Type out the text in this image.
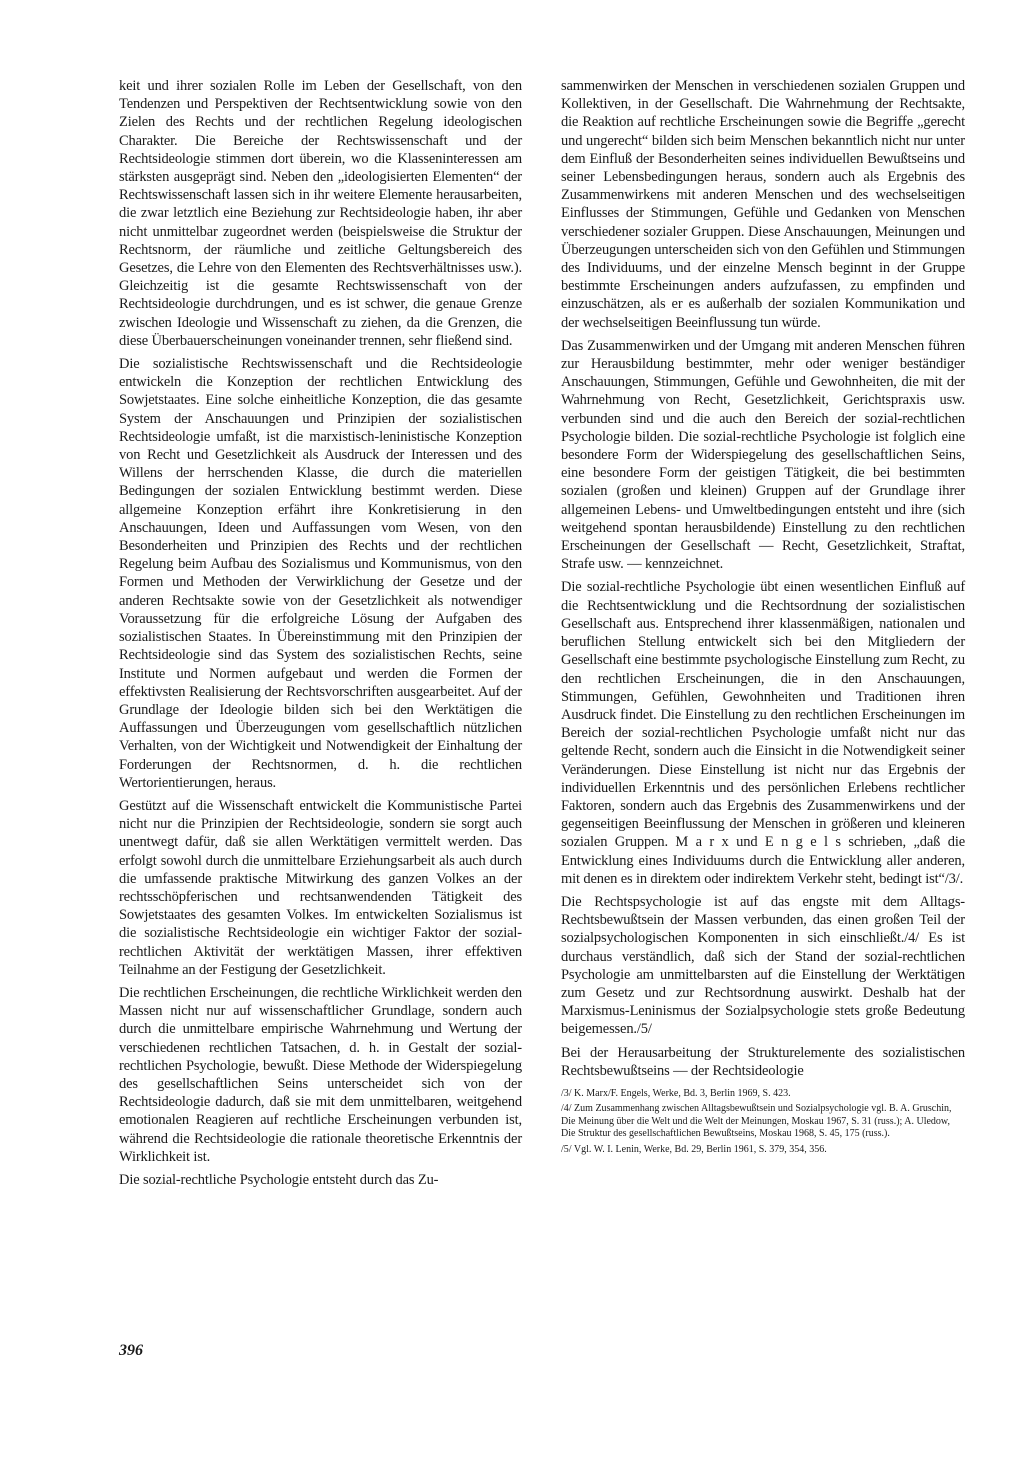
keit und ihrer sozialen Rolle im Leben der Gesellschaft, von den Tendenzen und Perspektiven der Rechtsentwicklung sowie von den Zielen des Rechts und der rechtlichen Regelung ideologischen Charakter. Die Bereiche der Rechtswissenschaft und der Rechtsideologie stimmen dort überein, wo die Klasseninteressen am stärksten ausgeprägt sind. Neben den „ideologisierten Elementen“ der Rechtswissenschaft lassen sich in ihr weitere Elemente herausarbeiten, die zwar letztlich eine Beziehung zur Rechtsideologie haben, ihr aber nicht unmittelbar zugeordnet werden (beispielsweise die Struktur der Rechtsnorm, der räumliche und zeitliche Geltungsbereich des Gesetzes, die Lehre von den Elementen des Rechtsverhältnisses usw.). Gleichzeitig ist die gesamte Rechtswissenschaft von der Rechtsideologie durchdrungen, und es ist schwer, die genaue Grenze zwischen Ideologie und Wissenschaft zu ziehen, da die Grenzen, die diese Überbauerscheinungen voneinander trennen, sehr fließend sind.

Die sozialistische Rechtswissenschaft und die Rechtsideologie entwickeln die Konzeption der rechtlichen Entwicklung des Sowjetstaates. Eine solche einheitliche Konzeption, die das gesamte System der Anschauungen und Prinzipien der sozialistischen Rechtsideologie umfaßt, ist die marxistisch-leninistische Konzeption von Recht und Gesetzlichkeit als Ausdruck der Interessen und des Willens der herrschenden Klasse, die durch die materiellen Bedingungen der sozialen Entwicklung bestimmt werden. Diese allgemeine Konzeption erfährt ihre Konkretisierung in den Anschauungen, Ideen und Auffassungen vom Wesen, von den Besonderheiten und Prinzipien des Rechts und der rechtlichen Regelung beim Aufbau des Sozialismus und Kommunismus, von den Formen und Methoden der Verwirklichung der Gesetze und der anderen Rechtsakte sowie von der Gesetzlichkeit als notwendiger Voraussetzung für die erfolgreiche Lösung der Aufgaben des sozialistischen Staates. In Übereinstimmung mit den Prinzipien der Rechtsideologie sind das System des sozialistischen Rechts, seine Institute und Normen aufgebaut und werden die Formen der effektivsten Realisierung der Rechtsvorschriften ausgearbeitet. Auf der Grundlage der Ideologie bilden sich bei den Werktätigen die Auffassungen und Überzeugungen vom gesellschaftlich nützlichen Verhalten, von der Wichtigkeit und Notwendigkeit der Einhaltung der Forderungen der Rechtsnormen, d. h. die rechtlichen Wertorientierungen, heraus.

Gestützt auf die Wissenschaft entwickelt die Kommunistische Partei nicht nur die Prinzipien der Rechtsideologie, sondern sie sorgt auch unentwegt dafür, daß sie allen Werktätigen vermittelt werden. Das erfolgt sowohl durch die unmittelbare Erziehungsarbeit als auch durch die umfassende praktische Mitwirkung des ganzen Volkes an der rechtsschöpferischen und rechtsanwendenden Tätigkeit des Sowjetstaates des gesamten Volkes. Im entwickelten Sozialismus ist die sozialistische Rechtsideologie ein wichtiger Faktor der sozial-rechtlichen Aktivität der werktätigen Massen, ihrer effektiven Teilnahme an der Festigung der Gesetzlichkeit.

Die rechtlichen Erscheinungen, die rechtliche Wirklichkeit werden den Massen nicht nur auf wissenschaftlicher Grundlage, sondern auch durch die unmittelbare empirische Wahrnehmung und Wertung der verschiedenen rechtlichen Tatsachen, d. h. in Gestalt der sozial-rechtlichen Psychologie, bewußt. Diese Methode der Widerspiegelung des gesellschaftlichen Seins unterscheidet sich von der Rechtsideologie dadurch, daß sie mit dem unmittelbaren, weitgehend emotionalen Reagieren auf rechtliche Erscheinungen verbunden ist, während die Rechtsideologie die rationale theoretische Erkenntnis der Wirklichkeit ist.

Die sozial-rechtliche Psychologie entsteht durch das Zu-

sammenwirken der Menschen in verschiedenen sozialen Gruppen und Kollektiven, in der Gesellschaft. Die Wahrnehmung der Rechtsakte, die Reaktion auf rechtliche Erscheinungen sowie die Begriffe „gerecht und ungerecht“ bilden sich beim Menschen bekanntlich nicht nur unter dem Einfluß der Besonderheiten seines individuellen Bewußtseins und seiner Lebensbedingungen heraus, sondern auch als Ergebnis des Zusammenwirkens mit anderen Menschen und des wechselseitigen Einflusses der Stimmungen, Gefühle und Gedanken von Menschen verschiedener sozialer Gruppen. Diese Anschauungen, Meinungen und Überzeugungen unterscheiden sich von den Gefühlen und Stimmungen des Individuums, und der einzelne Mensch beginnt in der Gruppe bestimmte Erscheinungen anders aufzufassen, zu empfinden und einzuschätzen, als er es außerhalb der sozialen Kommunikation und der wechselseitigen Beeinflussung tun würde.

Das Zusammenwirken und der Umgang mit anderen Menschen führen zur Herausbildung bestimmter, mehr oder weniger beständiger Anschauungen, Stimmungen, Gefühle und Gewohnheiten, die mit der Wahrnehmung von Recht, Gesetzlichkeit, Gerichtspraxis usw. verbunden sind und die auch den Bereich der sozial-rechtlichen Psychologie bilden. Die sozial-rechtliche Psychologie ist folglich eine besondere Form der Widerspiegelung des gesellschaftlichen Seins, eine besondere Form der geistigen Tätigkeit, die bei bestimmten sozialen (großen und kleinen) Gruppen auf der Grundlage ihrer allgemeinen Lebens- und Umweltbedingungen entsteht und ihre (sich weitgehend spontan herausbildende) Einstellung zu den rechtlichen Erscheinungen der Gesellschaft — Recht, Gesetzlichkeit, Straftat, Strafe usw. — kennzeichnet.

Die sozial-rechtliche Psychologie übt einen wesentlichen Einfluß auf die Rechtsentwicklung und die Rechtsordnung der sozialistischen Gesellschaft aus. Entsprechend ihrer klassenmäßigen, nationalen und beruflichen Stellung entwickelt sich bei den Mitgliedern der Gesellschaft eine bestimmte psychologische Einstellung zum Recht, zu den rechtlichen Erscheinungen, die in den Anschauungen, Stimmungen, Gefühlen, Gewohnheiten und Traditionen ihren Ausdruck findet. Die Einstellung zu den rechtlichen Erscheinungen im Bereich der sozial-rechtlichen Psychologie umfaßt nicht nur das geltende Recht, sondern auch die Einsicht in die Notwendigkeit seiner Veränderungen. Diese Einstellung ist nicht nur das Ergebnis der individuellen Erkenntnis und des persönlichen Erlebens rechtlicher Faktoren, sondern auch das Ergebnis des Zusammenwirkens und der gegenseitigen Beeinflussung der Menschen in größeren und kleineren sozialen Gruppen. M a r x und E n g e l s schrieben, „daß die Entwicklung eines Individuums durch die Entwicklung aller anderen, mit denen es in direktem oder indirektem Verkehr steht, bedingt ist“/3/.

Die Rechtspsychologie ist auf das engste mit dem Alltags-Rechtsbewußtsein der Massen verbunden, das einen großen Teil der sozialpsychologischen Komponenten in sich einschließt./4/ Es ist durchaus verständlich, daß sich der Stand der sozial-rechtlichen Psychologie am unmittelbarsten auf die Einstellung der Werktätigen zum Gesetz und zur Rechtsordnung auswirkt. Deshalb hat der Marxismus-Leninismus der Sozialpsychologie stets große Bedeutung beigemessen./5/

Bei der Herausarbeitung der Strukturelemente des sozialistischen Rechtsbewußtseins — der Rechtsideologie

/3/ K. Marx/F. Engels, Werke, Bd. 3, Berlin 1969, S. 423.

/4/ Zum Zusammenhang zwischen Alltagsbewußtsein und Sozialpsychologie vgl. B. A. Gruschin, Die Meinung über die Welt und die Welt der Meinungen, Moskau 1967, S. 31 (russ.); A. Uledow, Die Struktur des gesellschaftlichen Bewußtseins, Moskau 1968, S. 45, 175 (russ.).

/5/ Vgl. W. I. Lenin, Werke, Bd. 29, Berlin 1961, S. 379, 354, 356.

396
